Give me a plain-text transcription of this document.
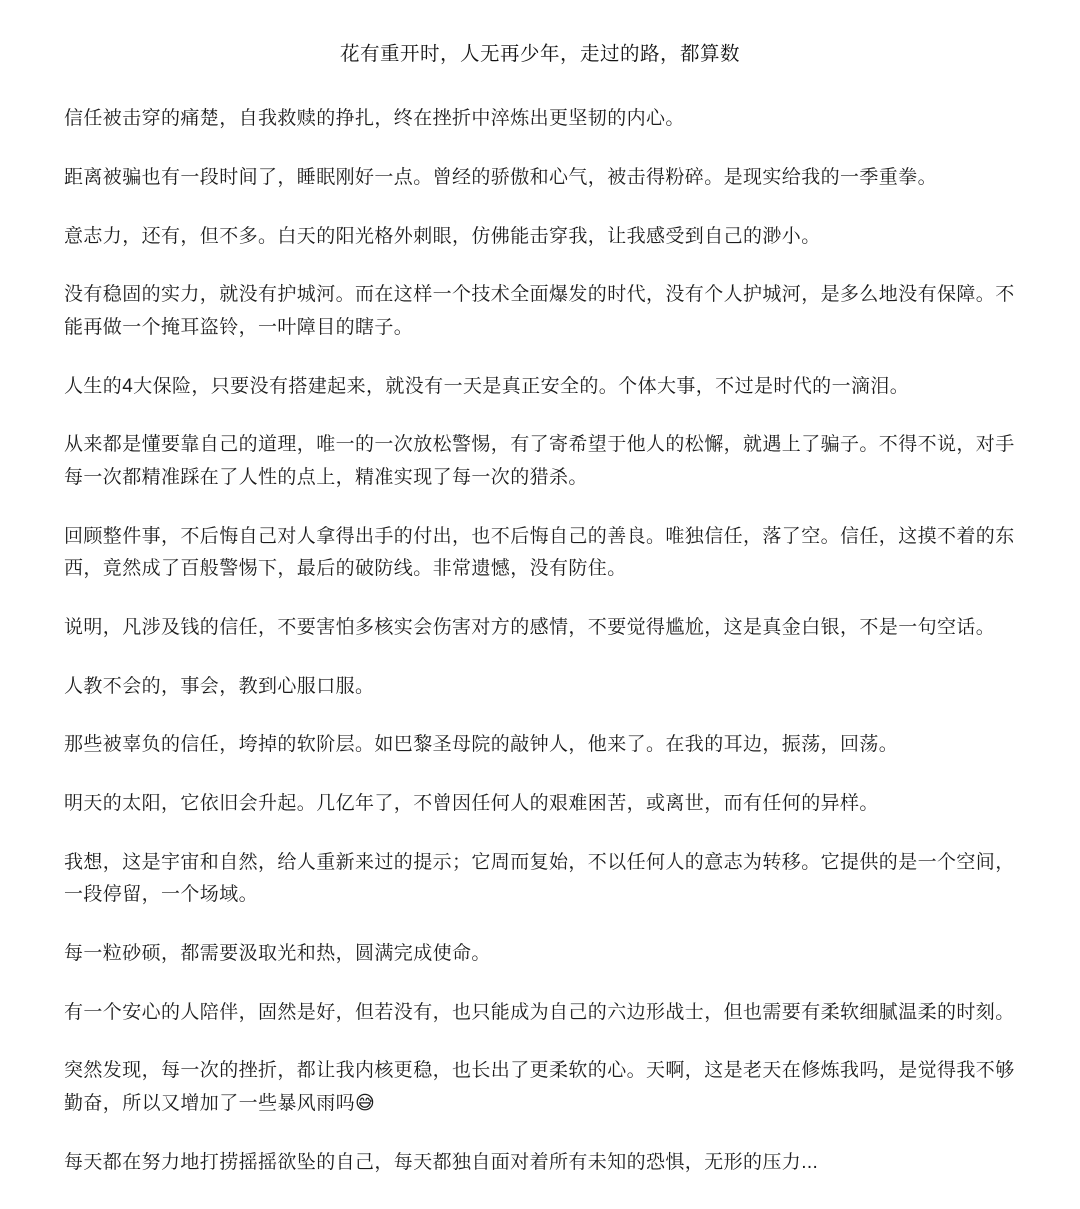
花有重开时，人无再少年，走过的路，都算数

信任被击穿的痛楚，自我救赎的挣扎，终在挫折中淬炼出更坚韧的内心。

距离被骗也有一段时间了，睡眠刚好一点。曾经的骄傲和心气，被击得粉碎。是现实给我的一季重拳。

意志力，还有，但不多。白天的阳光格外刺眼，仿佛能击穿我，让我感受到自己的渺小。

没有稳固的实力，就没有护城河。而在这样一个技术全面爆发的时代，没有个人护城河，是多么地没有保障。不能再做一个掩耳盗铃，一叶障目的瞎子。

人生的4大保险，只要没有搭建起来，就没有一天是真正安全的。个体大事，不过是时代的一滴泪。

从来都是懂要靠自己的道理，唯一的一次放松警惕，有了寄希望于他人的松懈，就遇上了骗子。不得不说，对手每一次都精准踩在了人性的点上，精准实现了每一次的猎杀。

回顾整件事，不后悔自己对人拿得出手的付出，也不后悔自己的善良。唯独信任，落了空。信任，这摸不着的东西，竟然成了百般警惕下，最后的破防线。非常遗憾，没有防住。

说明，凡涉及钱的信任，不要害怕多核实会伤害对方的感情，不要觉得尴尬，这是真金白银，不是一句空话。

人教不会的，事会，教到心服口服。

那些被辜负的信任，垮掉的软阶层。如巴黎圣母院的敲钟人，他来了。在我的耳边，振荡，回荡。

明天的太阳，它依旧会升起。几亿年了，不曾因任何人的艰难困苦，或离世，而有任何的异样。

我想，这是宇宙和自然，给人重新来过的提示；它周而复始，不以任何人的意志为转移。它提供的是一个空间，一段停留，一个场域。

每一粒砂硕，都需要汲取光和热，圆满完成使命。

有一个安心的人陪伴，固然是好，但若没有，也只能成为自己的六边形战士，但也需要有柔软细腻温柔的时刻。

突然发现，每一次的挫折，都让我内核更稳，也长出了更柔软的心。天啊，这是老天在修炼我吗，是觉得我不够勤奋，所以又增加了一些暴风雨吗😅

每天都在努力地打捞摇摇欲坠的自己，每天都独自面对着所有未知的恐惧，无形的压力...
